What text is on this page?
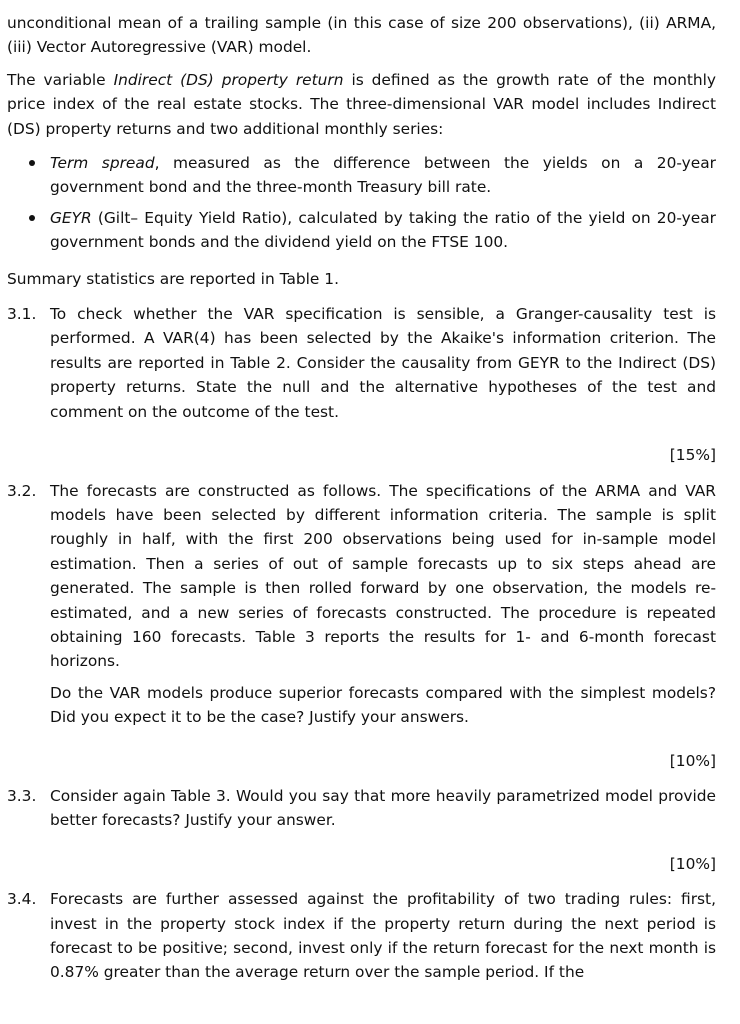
unconditional mean of a trailing sample (in this case of size 200 observations), (ii) ARMA, (iii) Vector Autoregressive (VAR) model.

The variable Indirect (DS) property return is defined as the growth rate of the monthly price index of the real estate stocks. The three-dimensional VAR model includes Indirect (DS) property returns and two additional monthly series:

Term spread, measured as the difference between the yields on a 20-year government bond and the three-month Treasury bill rate.
GEYR (Gilt– Equity Yield Ratio), calculated by taking the ratio of the yield on 20-year government bonds and the dividend yield on the FTSE 100.

Summary statistics are reported in Table 1.

3.1. To check whether the VAR specification is sensible, a Granger-causality test is performed. A VAR(4) has been selected by the Akaike's information criterion. The results are reported in Table 2. Consider the causality from GEYR to the Indirect (DS) property returns. State the null and the alternative hypotheses of the test and comment on the outcome of the test.

[15%]
3.2. The forecasts are constructed as follows. The specifications of the ARMA and VAR models have been selected by different information criteria. The sample is split roughly in half, with the first 200 observations being used for in-sample model estimation. Then a series of out of sample forecasts up to six steps ahead are generated. The sample is then rolled forward by one observation, the models re-estimated, and a new series of forecasts constructed. The procedure is repeated obtaining 160 forecasts. Table 3 reports the results for 1- and 6-month forecast horizons.

Do the VAR models produce superior forecasts compared with the simplest models? Did you expect it to be the case? Justify your answers.

[10%]
3.3. Consider again Table 3. Would you say that more heavily parametrized model provide better forecasts? Justify your answer.

[10%]
3.4. Forecasts are further assessed against the profitability of two trading rules: first, invest in the property stock index if the property return during the next period is forecast to be positive; second, invest only if the return forecast for the next month is 0.87% greater than the average return over the sample period. If the
